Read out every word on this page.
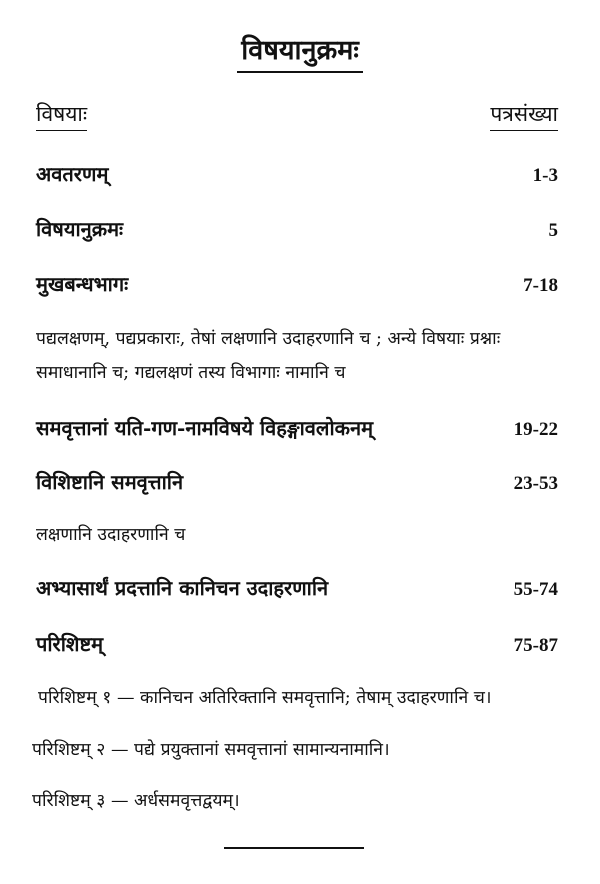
विषयानुक्रमः
विषयाः	पत्रसंख्या
अवतरणम्	1-3
विषयानुक्रमः	5
मुखबन्धभागः	7-18
पद्यलक्षणम्, पद्यप्रकाराः, तेषां लक्षणानि उदाहरणानि च ; अन्ये विषयाः प्रश्नाः
समाधानानि च; गद्यलक्षणं तस्य विभागाः नामानि च
समवृत्तानां यति-गण-नामविषये विहङ्गावलोकनम्	19-22
विशिष्टानि समवृत्तानि	23-53
लक्षणानि उदाहरणानि च
अभ्यासार्थं प्रदत्तानि कानिचन उदाहरणानि	55-74
परिशिष्टम्	75-87
परिशिष्टम् १ — कानिचन अतिरिक्तानि समवृत्तानि; तेषाम् उदाहरणानि च।
परिशिष्टम् २ — पद्ये प्रयुक्तानां समवृत्तानां सामान्यनामानि।
परिशिष्टम् ३ — अर्धसमवृत्तद्वयम्।
